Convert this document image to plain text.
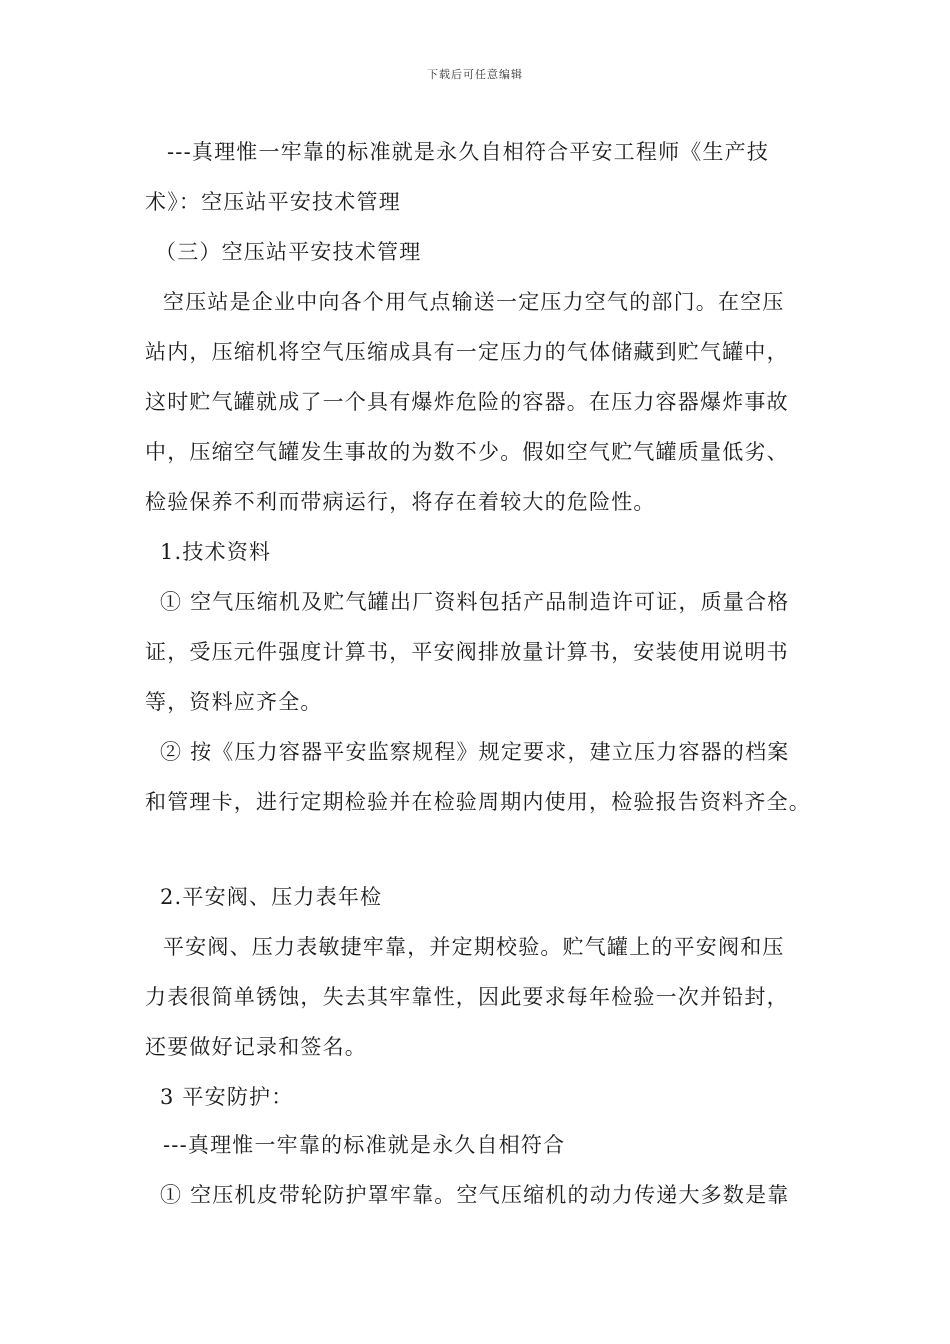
下载后可任意编辑
---真理惟一牢靠的标准就是永久自相符合平安工程师《生产技
术》：空压站平安技术管理
（三）空压站平安技术管理
空压站是企业中向各个用气点输送一定压力空气的部门。在空压
站内，压缩机将空气压缩成具有一定压力的气体储藏到贮气罐中，
这时贮气罐就成了一个具有爆炸危险的容器。在压力容器爆炸事故
中，压缩空气罐发生事故的为数不少。假如空气贮气罐质量低劣、
检验保养不利而带病运行，将存在着较大的危险性。
1.技术资料
① 空气压缩机及贮气罐出厂资料包括产品制造许可证，质量合格
证，受压元件强度计算书，平安阀排放量计算书，安装使用说明书
等，资料应齐全。
② 按《压力容器平安监察规程》规定要求，建立压力容器的档案
和管理卡，进行定期检验并在检验周期内使用，检验报告资料齐全。
2.平安阀、压力表年检
平安阀、压力表敏捷牢靠，并定期校验。贮气罐上的平安阀和压
力表很简单锈蚀，失去其牢靠性，因此要求每年检验一次并铅封，
还要做好记录和签名。
3 平安防护：
---真理惟一牢靠的标准就是永久自相符合
① 空压机皮带轮防护罩牢靠。空气压缩机的动力传递大多数是靠
